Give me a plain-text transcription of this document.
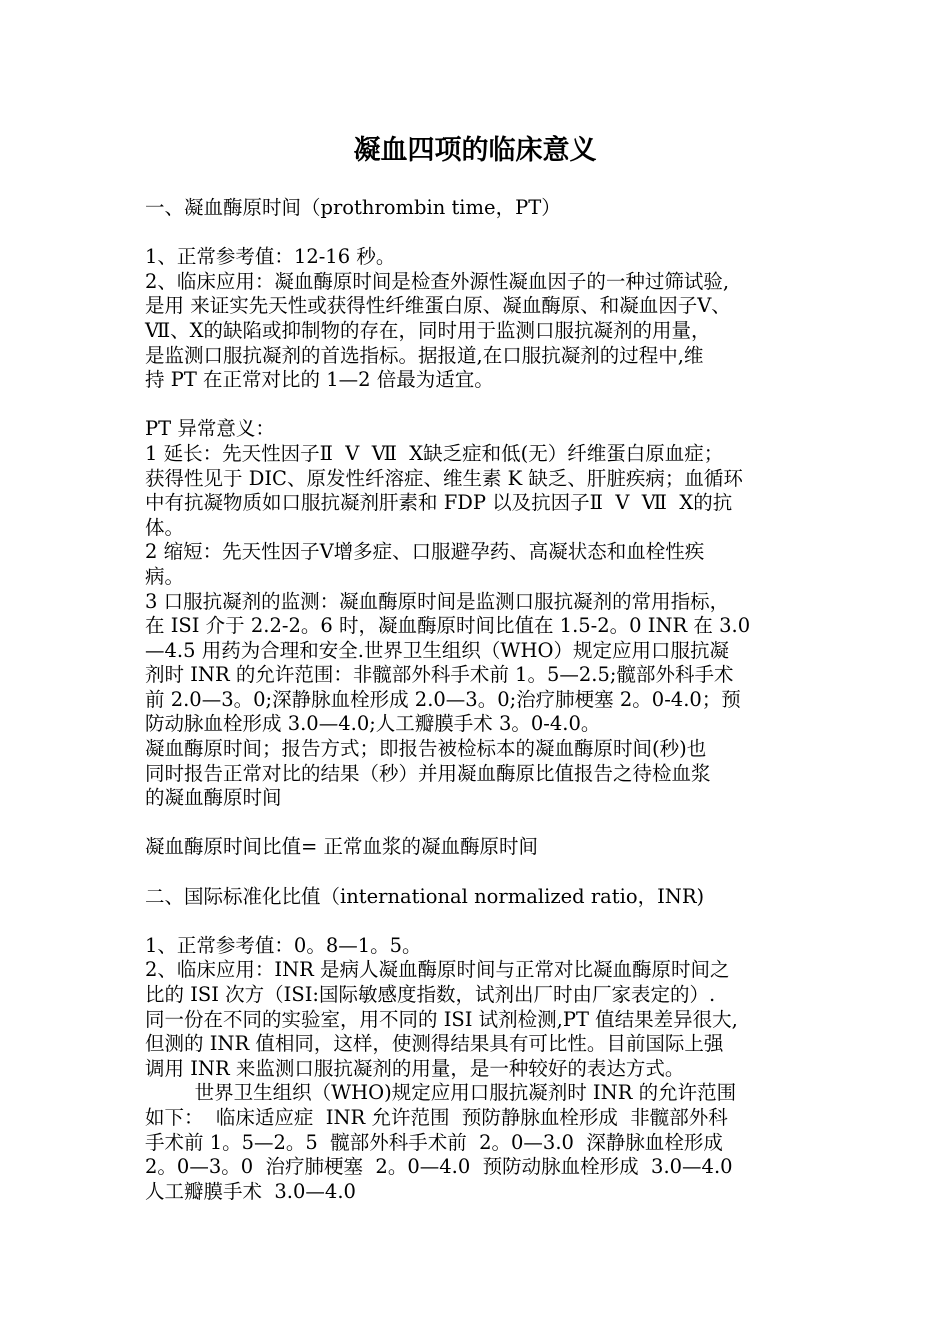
凝血四项的临床意义
一、凝血酶原时间（prothrombin time，PT）
1、正常参考值：12-16 秒。
2、临床应用：凝血酶原时间是检查外源性凝血因子的一种过筛试验,
是用 来证实先天性或获得性纤维蛋白原、凝血酶原、和凝血因子Ⅴ、
Ⅶ、Ⅹ的缺陷或抑制物的存在，同时用于监测口服抗凝剂的用量，
是监测口服抗凝剂的首选指标。据报道,在口服抗凝剂的过程中,维
持 PT 在正常对比的 1—2 倍最为适宜。
PT 异常意义：
1 延长：先天性因子Ⅱ  Ⅴ  Ⅶ  Ⅹ缺乏症和低(无）纤维蛋白原血症；
获得性见于 DIC、原发性纤溶症、维生素 K 缺乏、肝脏疾病；血循环
中有抗凝物质如口服抗凝剂肝素和 FDP 以及抗因子Ⅱ  Ⅴ  Ⅶ  Ⅹ的抗
体。
2 缩短：先天性因子Ⅴ增多症、口服避孕药、高凝状态和血栓性疾
病。
3 口服抗凝剂的监测：凝血酶原时间是监测口服抗凝剂的常用指标，
在 ISI 介于 2.2-2。6 时，凝血酶原时间比值在 1.5-2。0 INR 在 3.0
—4.5 用药为合理和安全.世界卫生组织（WHO）规定应用口服抗凝
剂时 INR 的允许范围：非髋部外科手术前 1。5—2.5;髋部外科手术
前 2.0—3。0;深静脉血栓形成 2.0—3。0;治疗肺梗塞 2。0-4.0；预
防动脉血栓形成 3.0—4.0;人工瓣膜手术 3。0-4.0。
凝血酶原时间；报告方式；即报告被检标本的凝血酶原时间(秒)也
同时报告正常对比的结果（秒）并用凝血酶原比值报告之待检血浆
的凝血酶原时间
凝血酶原时间比值= 正常血浆的凝血酶原时间
二、国际标准化比值（international normalized ratio，INR)
1、正常参考值：0。8—1。5。
2、临床应用：INR 是病人凝血酶原时间与正常对比凝血酶原时间之
比的 ISI 次方（ISI:国际敏感度指数，试剂出厂时由厂家表定的）.
同一份在不同的实验室，用不同的 ISI 试剂检测,PT 值结果差异很大,
但测的 INR 值相同，这样，使测得结果具有可比性。目前国际上强
调用 INR 来监测口服抗凝剂的用量，是一种较好的表达方式。
世界卫生组织（WHO)规定应用口服抗凝剂时 INR 的允许范围
如下：  临床适应症  INR 允许范围  预防静脉血栓形成  非髋部外科
手术前 1。5—2。5  髋部外科手术前  2。0—3.0  深静脉血栓形成
2。0—3。0  治疗肺梗塞  2。0—4.0  预防动脉血栓形成  3.0—4.0
人工瓣膜手术  3.0—4.0
